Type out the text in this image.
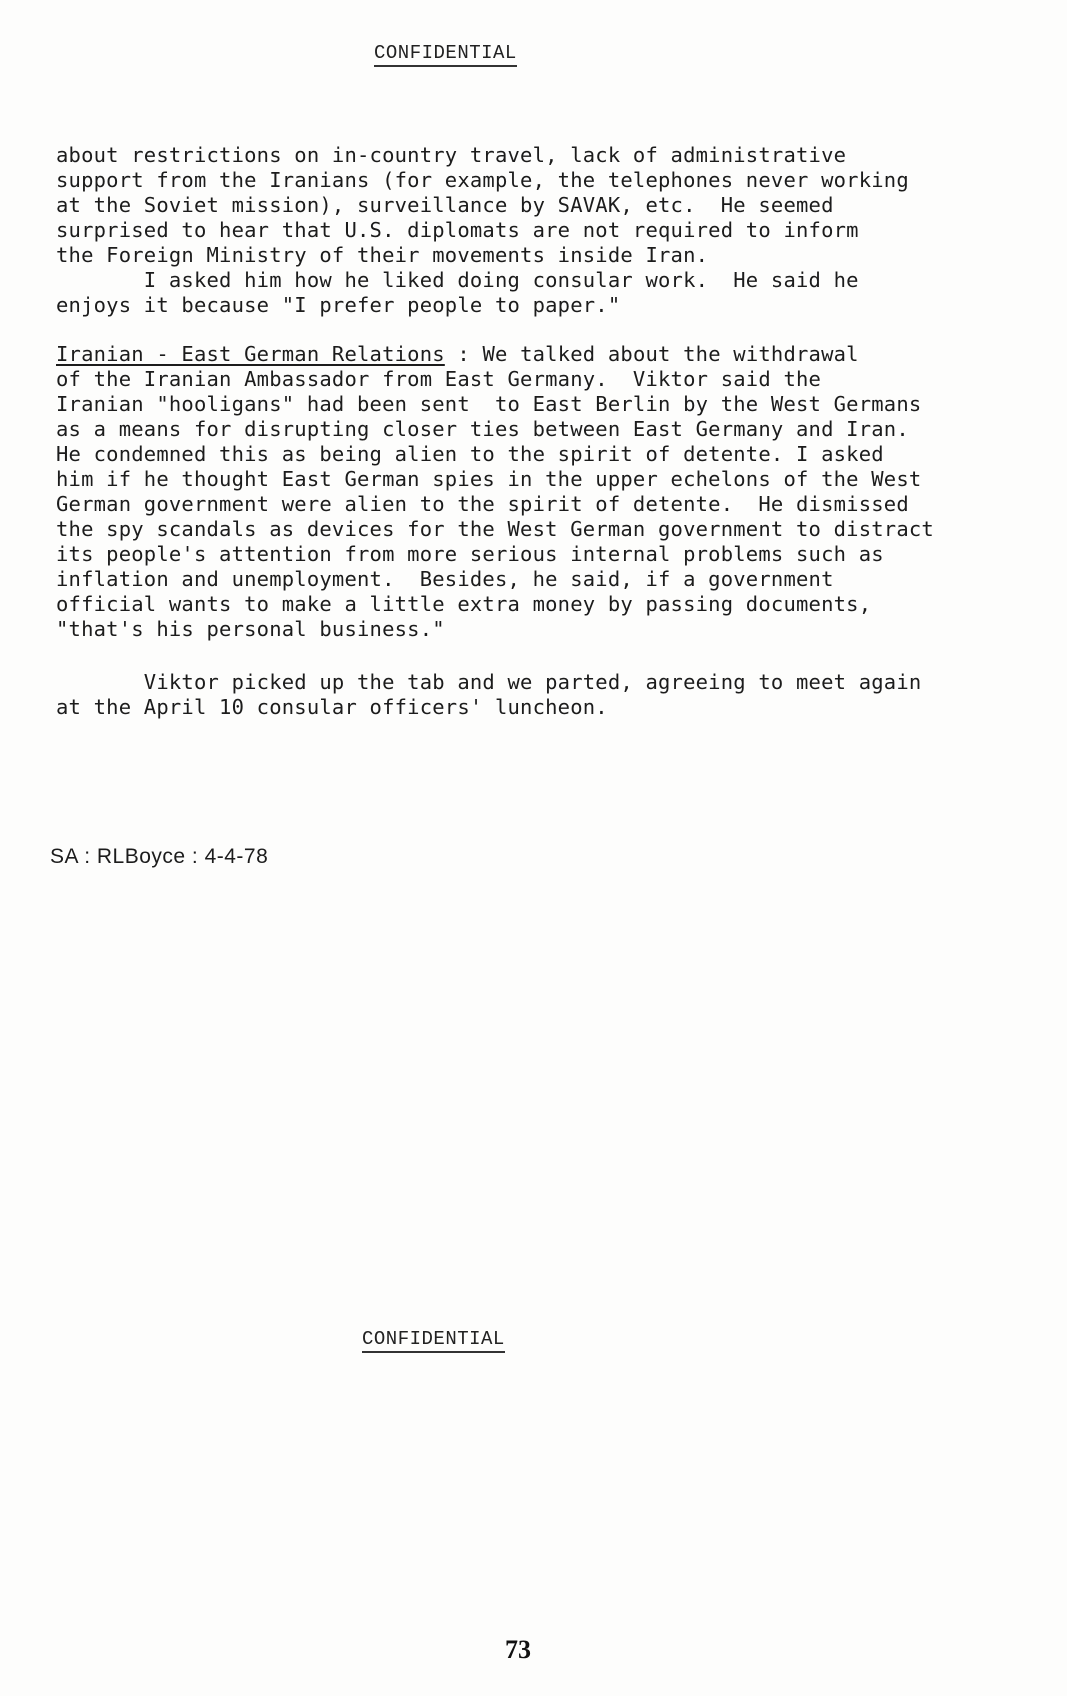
CONFIDENTIAL
about restrictions on in-country travel, lack of administrative
support from the Iranians (for example, the telephones never working
at the Soviet mission), surveillance by SAVAK, etc.  He seemed
surprised to hear that U.S. diplomats are not required to inform
the Foreign Ministry of their movements inside Iran.
I asked him how he liked doing consular work.  He said he
enjoys it because "I prefer people to paper."
Iranian - East German Relations : We talked about the withdrawal
of the Iranian Ambassador from East Germany.  Viktor said the
Iranian "hooligans" had been sent  to East Berlin by the West Germans
as a means for disrupting closer ties between East Germany and Iran.
He condemned this as being alien to the spirit of detente. I asked
him if he thought East German spies in the upper echelons of the West
German government were alien to the spirit of detente.  He dismissed
the spy scandals as devices for the West German government to distract
its people's attention from more serious internal problems such as
inflation and unemployment.  Besides, he said, if a government
official wants to make a little extra money by passing documents,
"that's his personal business."
Viktor picked up the tab and we parted, agreeing to meet again
at the April 10 consular officers' luncheon.
SA : RLBoyce : 4-4-78
CONFIDENTIAL
73
